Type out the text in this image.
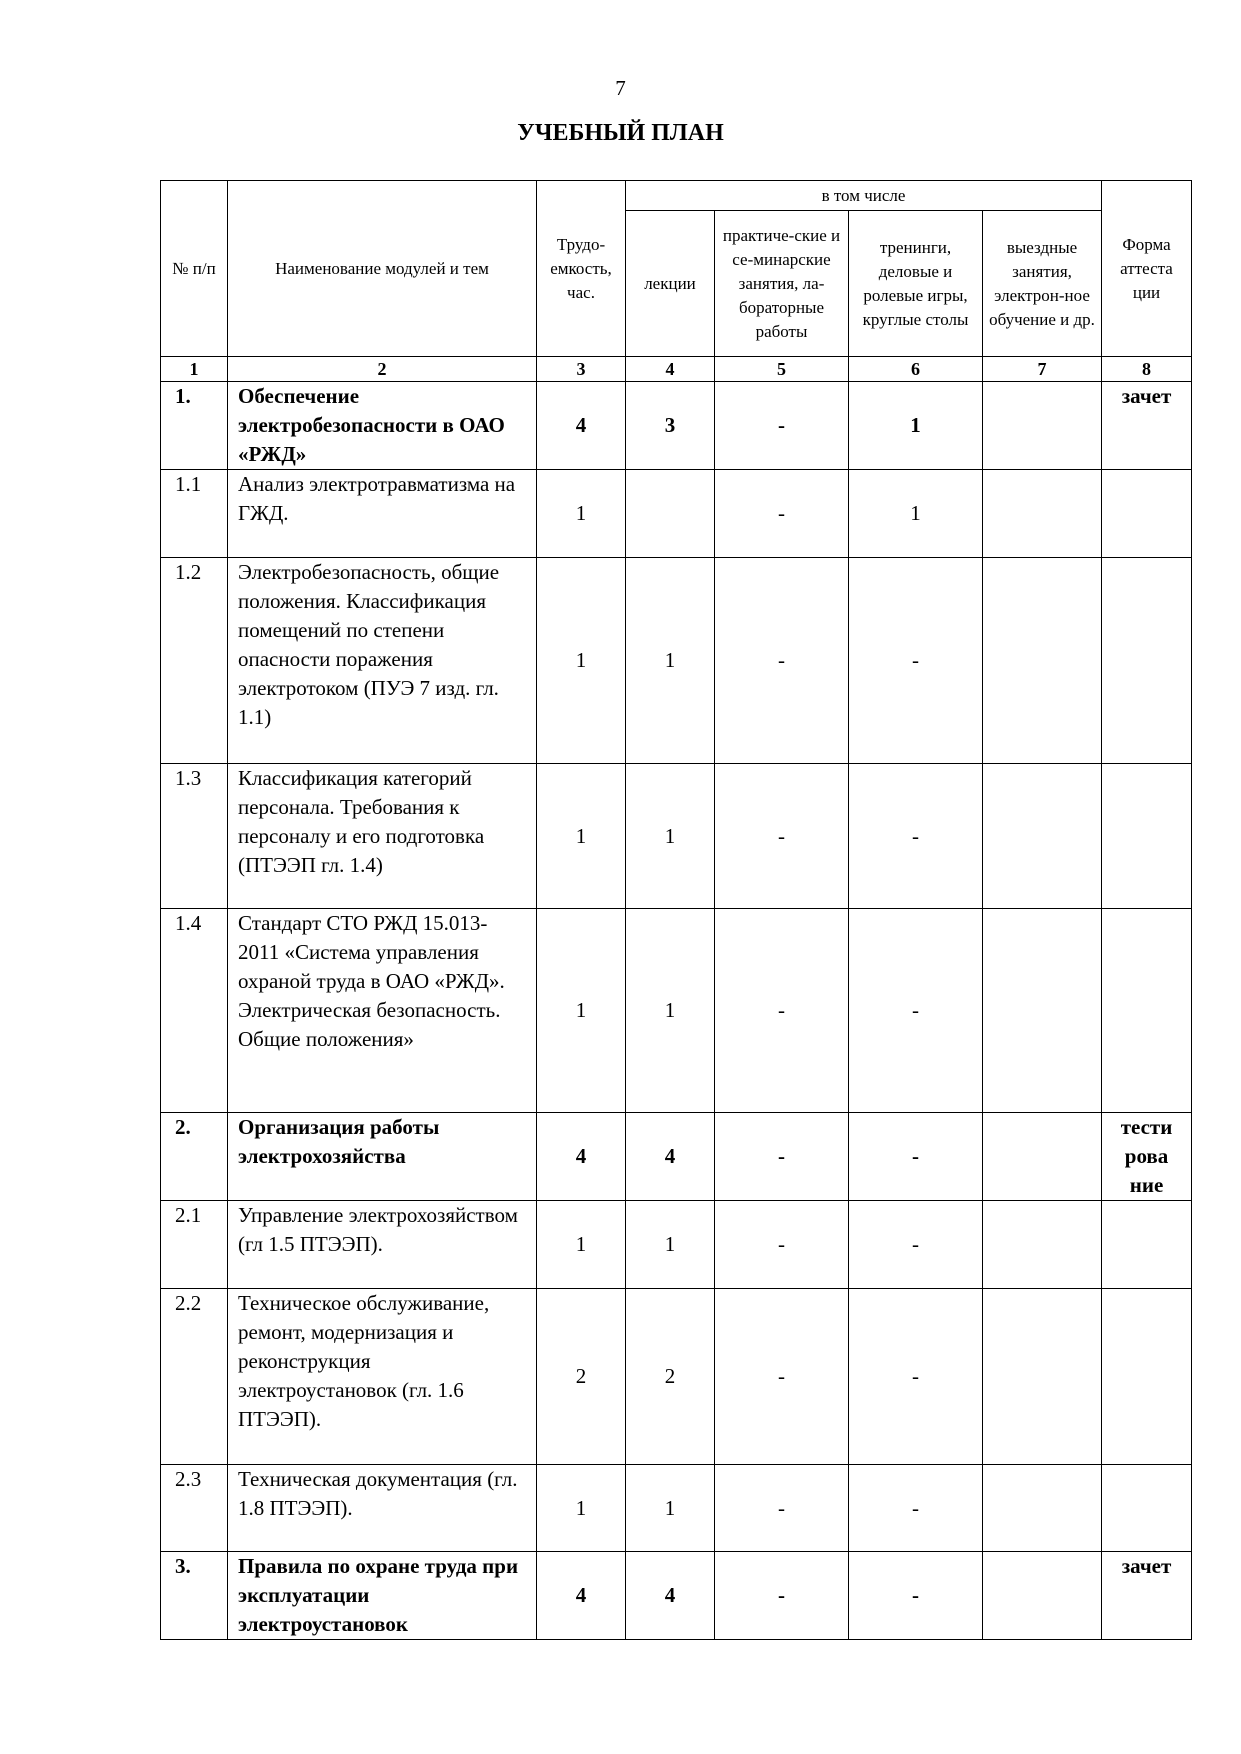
7
УЧЕБНЫЙ ПЛАН
№ п/п	Наименование модулей и тем	Трудо-емкость, час.	в том числе				Форма аттеста ции
			лекции	практиче-ские и се-минарские занятия, ла-бораторные работы	тренинги, деловые и ролевые игры, круглые столы	выездные занятия, электрон-ное обучение и др.	
1	2	3	4	5	6	7	8
1.	Обеспечение электробезопасности в ОАО «РЖД»	4	3	-	1		зачет
1.1	Анализ электротравматизма на ГЖД.	1		-	1		
1.2	Электробезопасность, общие положения. Классификация помещений по степени опасности поражения электротоком (ПУЭ 7 изд. гл. 1.1)	1	1	-	-		
1.3	Классификация категорий персонала. Требования к персоналу и его подготовка (ПТЭЭП гл. 1.4)	1	1	-	-		
1.4	Стандарт СТО РЖД 15.013-2011 «Система управления охраной труда в ОАО «РЖД». Электрическая безопасность. Общие положения»	1	1	-	-		
2.	Организация работы электрохозяйства	4	4	-	-		тести рова ние
2.1	Управление электрохозяйством (гл 1.5 ПТЭЭП).	1	1	-	-		
2.2	Техническое обслуживание, ремонт, модернизация и реконструкция электроустановок (гл. 1.6 ПТЭЭП).	2	2	-	-		
2.3	Техническая документация (гл. 1.8 ПТЭЭП).	1	1	-	-		
3.	Правила по охране труда при эксплуатации электроустановок	4	4	-	-		зачет
